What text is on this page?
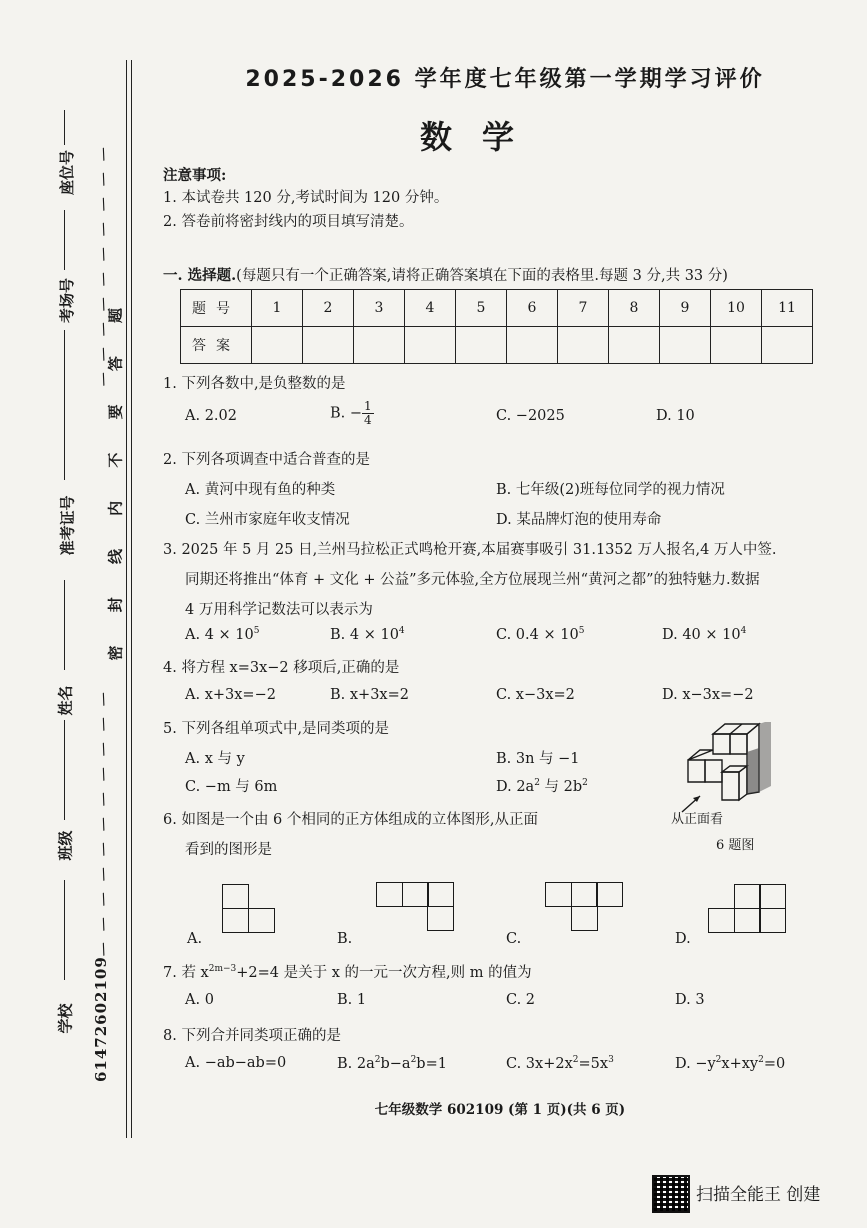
座位号
考场号
准考证号
姓名
班级
学校
密 封 线 内 不 要 答 题
61472602109
/
/
/
/
/
/
/
/
/
/
/
/
/
/
/
/
/
/
/
/
/
2025-2026 学年度七年级第一学期学习评价
数学
注意事项:
1. 本试卷共 120 分,考试时间为 120 分钟。
2. 答卷前将密封线内的项目填写清楚。
一. 选择题.(每题只有一个正确答案,请将正确答案填在下面的表格里.每题 3 分,共 33 分)
题号	1	2	3	4	5	6	7	8	9	10	11
答案											
1. 下列各数中,是负整数的是
A. 2.02	B. − $\frac{1}{4}$	C. −2025	D. 10
2. 下列各项调查中适合普查的是
A. 黄河中现有鱼的种类	B. 七年级(2)班每位同学的视力情况
C. 兰州市家庭年收支情况	D. 某品牌灯泡的使用寿命
3. 2025 年 5 月 25 日,兰州马拉松正式鸣枪开赛,本届赛事吸引 31.1352 万人报名,4 万人中签.
同期还将推出“体育 + 文化 + 公益”多元体验,全方位展现兰州“黄河之都”的独特魅力.数据
4 万用科学记数法可以表示为
A. $4 \times 10^5$	B. $4 \times 10^4$	C. $0.4 \times 10^5$	D. $40 \times 10^4$
4. 将方程 x=3x−2 移项后,正确的是
A. x+3x=−2	B. x+3x=2	C. x−3x=2	D. x−3x=−2
5. 下列各组单项式中,是同类项的是
A. x 与 y	B. 3n 与 −1
C. −m 与 6m	D. $2a^2$ 与 $2b^2$
从正面看
6 题图
6. 如图是一个由 6 个相同的正方体组成的立体图形,从正面
看到的图形是
A.	B.	C.	D.
7. 若 $x^{2m-3}+2=4$ 是关于 x 的一元一次方程,则 m 的值为
A. 0	B. 1	C. 2	D. 3
8. 下列合并同类项正确的是
A. −ab−ab=0	B. $2a^2b-a^2b=1$	C. $3x+2x^2=5x^3$	D. $-y^2x+xy^2=0$
七年级数学 602109 (第 1 页)(共 6 页)
扫描全能王 创建
